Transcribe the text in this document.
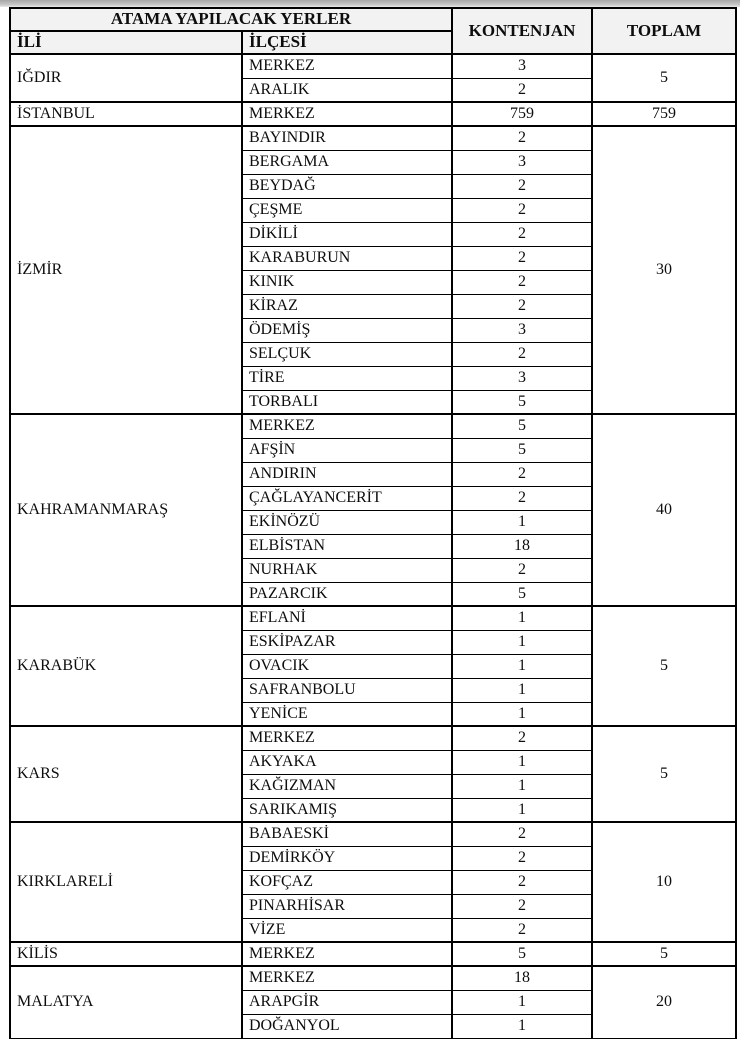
ATAMA YAPILACAK YERLER		KONTENJAN	TOPLAM
İLİ	İLÇESİ		
IĞDIR	MERKEZ	3	5
	ARALIK	2	
İSTANBUL	MERKEZ	759	759
İZMİR	BAYINDIR	2	30
	BERGAMA	3	
	BEYDAĞ	2	
	ÇEŞME	2	
	DİKİLİ	2	
	KARABURUN	2	
	KINIK	2	
	KİRAZ	2	
	ÖDEMİŞ	3	
	SELÇUK	2	
	TİRE	3	
	TORBALI	5	
KAHRAMANMARAŞ	MERKEZ	5	40
	AFŞİN	5	
	ANDIRIN	2	
	ÇAĞLAYANCERİT	2	
	EKİNÖZÜ	1	
	ELBİSTAN	18	
	NURHAK	2	
	PAZARCIK	5	
KARABÜK	EFLANİ	1	5
	ESKİPAZAR	1	
	OVACIK	1	
	SAFRANBOLU	1	
	YENİCE	1	
KARS	MERKEZ	2	5
	AKYAKA	1	
	KAĞIZMAN	1	
	SARIKAMIŞ	1	
KIRKLARELİ	BABAESKİ	2	10
	DEMİRKÖY	2	
	KOFÇAZ	2	
	PINARHİSAR	2	
	VİZE	2	
KİLİS	MERKEZ	5	5
MALATYA	MERKEZ	18	20
	ARAPGİR	1	
	DOĞANYOL	1	
